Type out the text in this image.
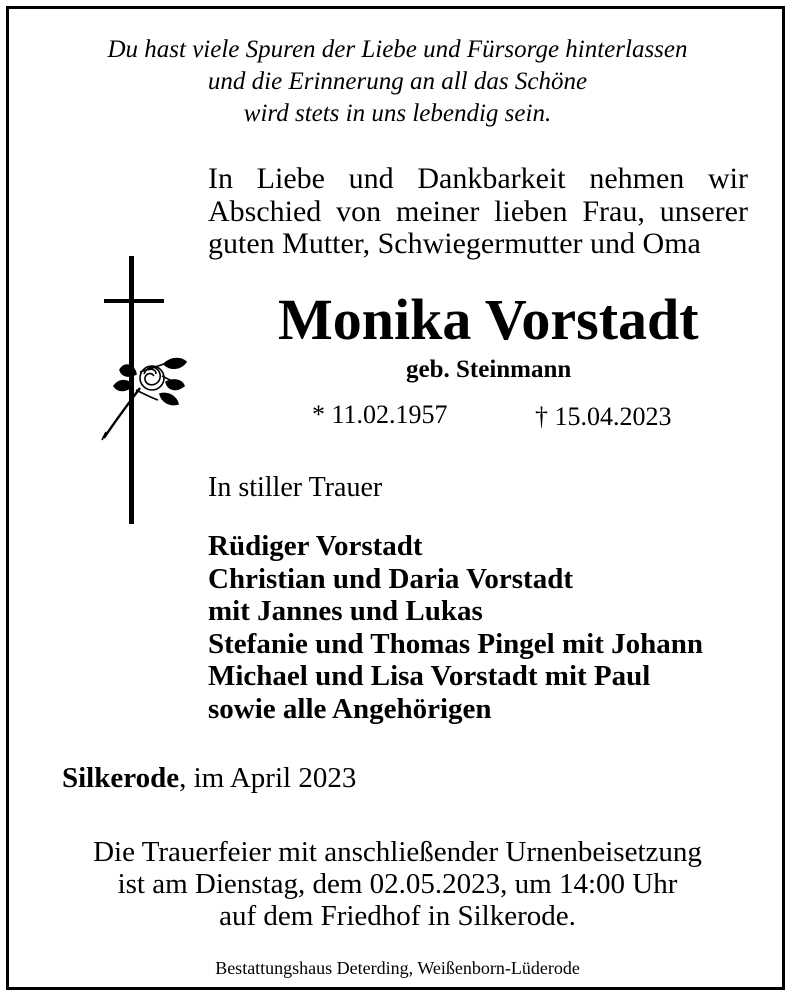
Du hast viele Spuren der Liebe und Fürsorge hinterlassen
und die Erinnerung an all das Schöne
wird stets in uns lebendig sein.
In Liebe und Dankbarkeit nehmen wir
Abschied von meiner lieben Frau, unserer
guten Mutter, Schwiegermutter und Oma
Monika Vorstadt
geb. Steinmann
* 11.02.1957	† 15.04.2023
In stiller Trauer
Rüdiger Vorstadt
Christian und Daria Vorstadt
mit Jannes und Lukas
Stefanie und Thomas Pingel mit Johann
Michael und Lisa Vorstadt mit Paul
sowie alle Angehörigen
Silkerode, im April 2023
Die Trauerfeier mit anschließender Urnenbeisetzung
ist am Dienstag, dem 02.05.2023, um 14:00 Uhr
auf dem Friedhof in Silkerode.
Bestattungshaus Deterding, Weißenborn-Lüderode
